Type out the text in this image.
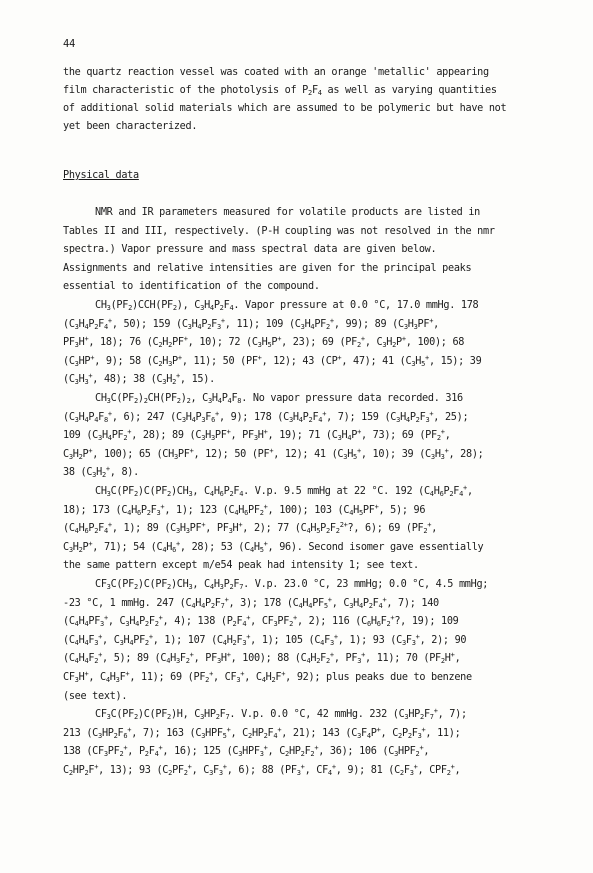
44
the quartz reaction vessel was coated with an orange 'metallic' appearing
film characteristic of the photolysis of $P_2F_4$ as well as varying quantities
of additional solid materials which are assumed to be polymeric but have not
yet been characterized.
Physical data
NMR and IR parameters measured for volatile products are listed in
Tables II and III, respectively. (P-H coupling was not resolved in the nmr
spectra.) Vapor pressure and mass spectral data are given below.
Assignments and relative intensities are given for the principal peaks
essential to identification of the compound.
$CH_3(PF_2)CCH(PF_2)$, $C_3H_4P_2F_4$. Vapor pressure at 0.0 °C, 17.0 mmHg. 178
($C_3H_4P_2F_4^+$, 50); 159 ($C_3H_4P_2F_3^+$, 11); 109 ($C_3H_4PF_2^+$, 99); 89 ($C_3H_3PF^+$,
$PF_3H^+$, 18); 76 ($C_2H_2PF^+$, 10); 72 ($C_3H_5P^+$, 23); 69 ($PF_2^+$, $C_3H_2P^+$, 100); 68
($C_3HP^+$, 9); 58 ($C_2H_3P^+$, 11); 50 (PF+, 12); 43 (CP+, 47); 41 ($C_3H_5^+$, 15); 39
($C_3H_3^+$, 48); 38 ($C_3H_2^+$, 15).
$CH_3C(PF_2)_2CH(PF_2)_2$, $C_3H_4P_4F_8$. No vapor pressure data recorded. 316
($C_3H_4P_4F_8^+$, 6); 247 ($C_3H_4P_3F_6^+$, 9); 178 ($C_3H_4P_2F_4^+$, 7); 159 ($C_3H_4P_2F_3^+$, 25);
109 ($C_3H_4PF_2^+$, 28); 89 ($C_3H_3PF^+$, $PF_3H^+$, 19); 71 ($C_3H_4P^+$, 73); 69 ($PF_2^+$,
$C_3H_2P^+$, 100); 65 ($CH_3PF^+$, 12); 50 (PF+, 12); 41 ($C_3H_5^+$, 10); 39 ($C_3H_3^+$, 28);
38 ($C_3H_2^+$, 8).
$CH_3C(PF_2)C(PF_2)CH_3$, $C_4H_6P_2F_4$. V.p. 9.5 mmHg at 22 °C. 192 ($C_4H_6P_2F_4^+$,
18); 173 ($C_4H_6P_2F_3^+$, 1); 123 ($C_4H_6PF_2^+$, 100); 103 ($C_4H_5PF^+$, 5); 96
($C_4H_6P_2F_4^+$, 1); 89 ($C_3H_3PF^+$, $PF_3H^+$, 2); 77 ($C_4H_5P_2F_2^{2+}$?, 6); 69 ($PF_2^+$,
$C_3H_2P^+$, 71); 54 ($C_4H_6^+$, 28); 53 ($C_4H_5^+$, 96). Second isomer gave essentially
the same pattern except m/e54 peak had intensity 1; see text.
$CF_3C(PF_2)C(PF_2)CH_3$, $C_4H_3P_2F_7$. V.p. 23.0 °C, 23 mmHg; 0.0 °C, 4.5 mmHg;
-23 °C, 1 mmHg. 247 ($C_4H_4P_2F_7^+$, 3); 178 ($C_4H_4PF_5^+$, $C_3H_4P_2F_4^+$, 7); 140
($C_4H_4PF_3^+$, $C_3H_4P_2F_2^+$, 4); 138 ($P_2F_4^+$, $CF_3PF_2^+$, 2); 116 ($C_6H_6F_2^+$?, 19); 109
($C_4H_4F_3^+$, $C_3H_4PF_2^+$, 1); 107 ($C_4H_2F_3^+$, 1); 105 ($C_4F_3^+$, 1); 93 ($C_3F_3^+$, 2); 90
($C_4H_4F_2^+$, 5); 89 ($C_4H_3F_2^+$, $PF_3H^+$, 100); 88 ($C_4H_2F_2^+$, $PF_3^+$, 11); 70 ($PF_2H^+$,
$CF_3H^+$, $C_4H_3F^+$, 11); 69 ($PF_2^+$, $CF_3^+$, $C_4H_2F^+$, 92); plus peaks due to benzene
(see text).
$CF_3C(PF_2)C(PF_2)H$, $C_3HP_2F_7$. V.p. 0.0 °C, 42 mmHg. 232 ($C_3HP_2F_7^+$, 7);
213 ($C_3HP_2F_6^+$, 7); 163 ($C_3HPF_5^+$, $C_2HP_2F_4^+$, 21); 143 ($C_3F_4P^+$, $C_2P_2F_3^+$, 11);
138 ($CF_3PF_2^+$, $P_2F_4^+$, 16); 125 ($C_3HPF_3^+$, $C_2HP_2F_2^+$, 36); 106 ($C_3HPF_2^+$,
$C_2HP_2F^+$, 13); 93 ($C_2PF_2^+$, $C_3F_3^+$, 6); 88 ($PF_3^+$, $CF_4^+$, 9); 81 ($C_2F_3^+$, $CPF_2^+$,
